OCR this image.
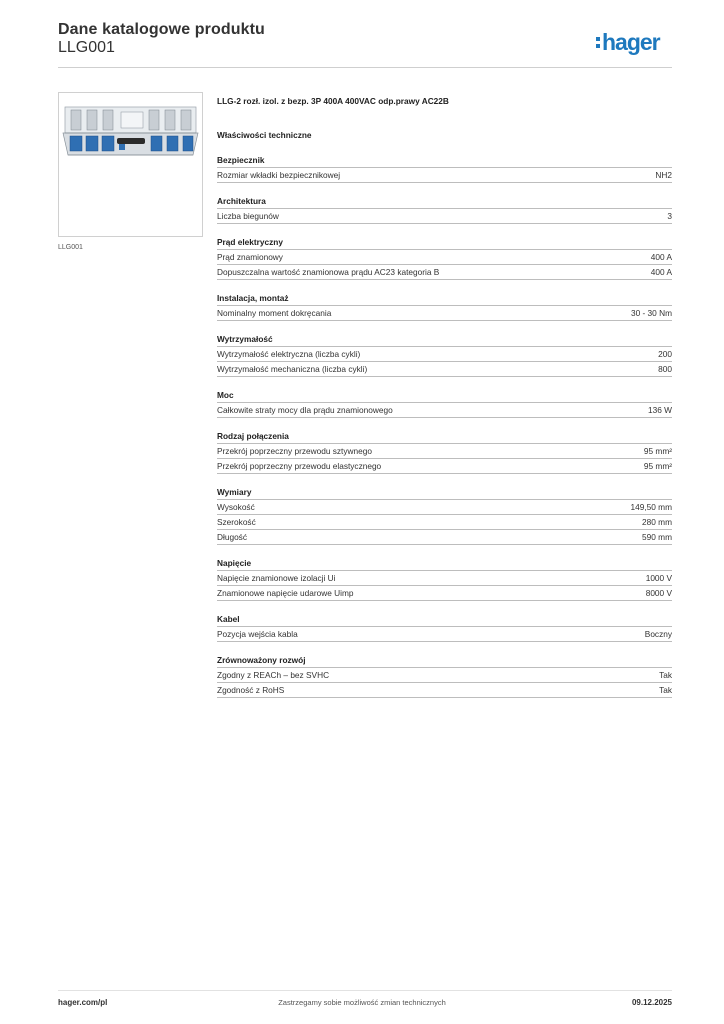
Dane katalogowe produktu
LLG001	hager
LLG001
LLG-2 rozł. izol. z bezp. 3P 400A 400VAC odp.prawy AC22B
Właściwości techniczne
Bezpiecznik
Rozmiar wkładki bezpiecznikowej	NH2
Architektura
Liczba biegunów	3
Prąd elektryczny
Prąd znamionowy	400 A
Dopuszczalna wartość znamionowa prądu AC23 kategoria B	400 A
Instalacja, montaż
Nominalny moment dokręcania	30 - 30 Nm
Wytrzymałość
Wytrzymałość elektryczna (liczba cykli)	200
Wytrzymałość mechaniczna (liczba cykli)	800
Moc
Całkowite straty mocy dla prądu znamionowego	136 W
Rodzaj połączenia
Przekrój poprzeczny przewodu sztywnego	95 mm²
Przekrój poprzeczny przewodu elastycznego	95 mm²
Wymiary
Wysokość	149,50 mm
Szerokość	280 mm
Długość	590 mm
Napięcie
Napięcie znamionowe izolacji Ui	1000 V
Znamionowe napięcie udarowe Uimp	8000 V
Kabel
Pozycja wejścia kabla	Boczny
Zrównoważony rozwój
Zgodny z REACh – bez SVHC	Tak
Zgodność z RoHS	Tak
hager.com/pl	Zastrzegamy sobie możliwość zmian technicznych	09.12.2025
